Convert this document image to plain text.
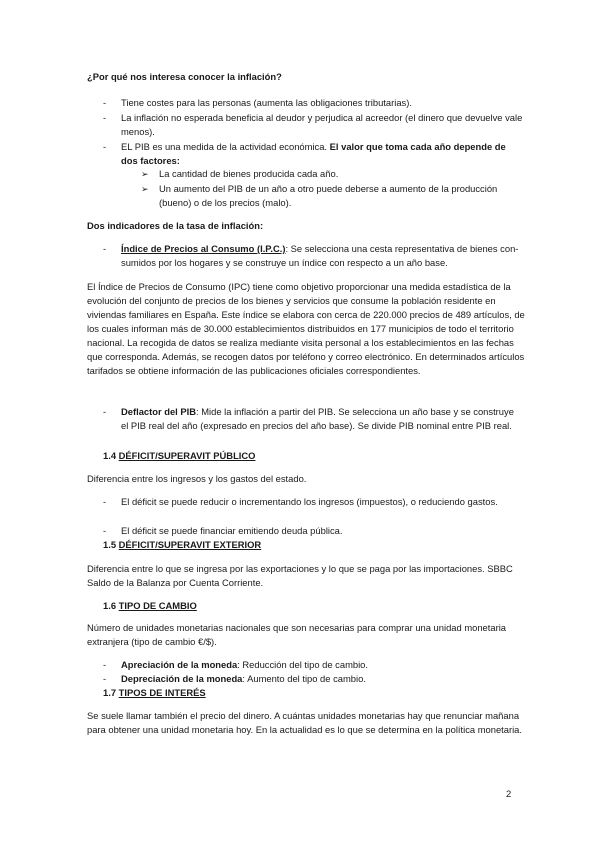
¿Por qué nos interesa conocer la inflación?

-	Tiene costes para las personas (aumenta las obligaciones tributarias).

-	La inflación no esperada beneficia al deudor y perjudica al acreedor (el dinero que devuelve vale menos).

-	EL PIB es una medida de la actividad económica. El valor que toma cada año depende de dos factores:

➢ La cantidad de bienes producida cada año.

➢ Un aumento del PIB de un año a otro puede deberse a aumento de la producción (bueno) o de los precios (malo).

Dos indicadores de la tasa de inflación:

-	Índice de Precios al Consumo (I.P.C.): Se selecciona una cesta representativa de bienes con- sumidos por los hogares y se construye un índice con respecto a un año base.

El Índice de Precios de Consumo (IPC) tiene como objetivo proporcionar una medida estadística de la evolución del conjunto de precios de los bienes y servicios que consume la población residente en viviendas familiares en España. Este índice se elabora con cerca de 220.000 precios de 489 artículos, de los cuales informan más de 30.000 establecimientos distribuidos en 177 municipios de todo el territorio nacional. La recogida de datos se realiza mediante visita personal a los establecimientos en las fechas que corresponda. Además, se recogen datos por teléfono y correo electrónico. En determinados artículos tarifados se obtiene información de las publicaciones oficiales correspondientes.

-	Deflactor del PIB: Mide la inflación a partir del PIB. Se selecciona un año base y se construye el PIB real del año (expresado en precios del año base). Se divide PIB nominal entre PIB real.

1.4 DÉFICIT/SUPERAVIT PÚBLICO

Diferencia entre los ingresos y los gastos del estado.

-	El déficit se puede reducir o incrementando los ingresos (impuestos), o reduciendo gastos.

-	El déficit se puede financiar emitiendo deuda pública.

1.5 DÉFICIT/SUPERAVIT EXTERIOR

Diferencia entre lo que se ingresa por las exportaciones y lo que se paga por las importaciones. SBBC Saldo de la Balanza por Cuenta Corriente.

1.6 TIPO DE CAMBIO

Número de unidades monetarias nacionales que son necesarias para comprar una unidad monetaria extranjera (tipo de cambio €/$).

-	Apreciación de la moneda: Reducción del tipo de cambio.

-	Depreciación de la moneda: Aumento del tipo de cambio.

1.7 TIPOS DE INTERÉS

Se suele llamar también el precio del dinero. A cuántas unidades monetarias hay que renunciar mañana para obtener una unidad monetaria hoy. En la actualidad es lo que se determina en la política monetaria.

2
